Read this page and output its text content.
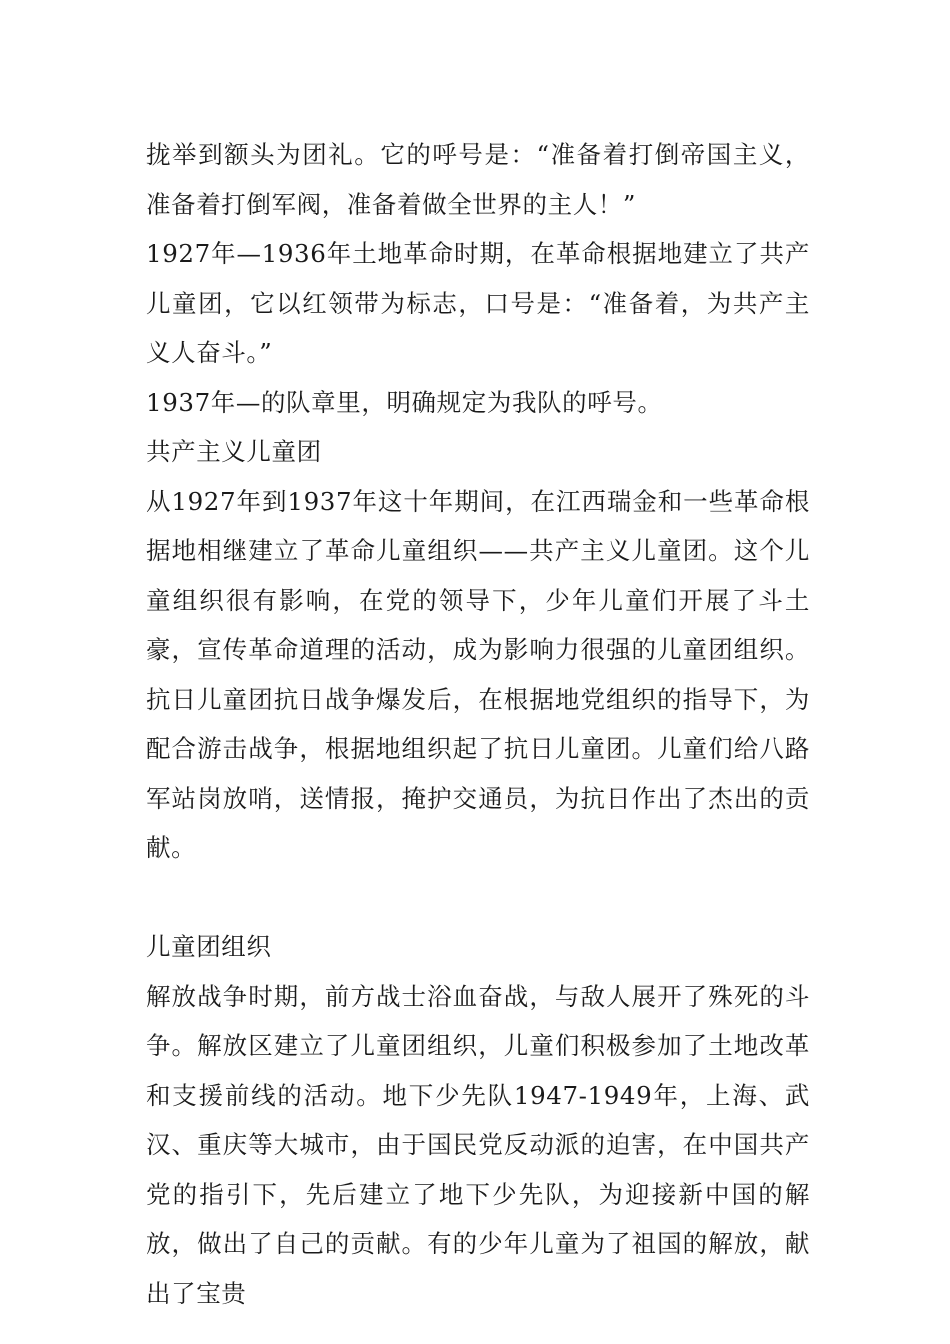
拢举到额头为团礼。它的呼号是：“准备着打倒帝国主义，准备着打倒军阀，准备着做全世界的主人！”

1927年—1936年土地革命时期，在革命根据地建立了共产儿童团，它以红领带为标志，口号是：“准备着，为共产主义人奋斗。”

1937年—的队章里，明确规定为我队的呼号。

共产主义儿童团

从1927年到1937年这十年期间，在江西瑞金和一些革命根据地相继建立了革命儿童组织——共产主义儿童团。这个儿童组织很有影响，在党的领导下，少年儿童们开展了斗土豪，宣传革命道理的活动，成为影响力很强的儿童团组织。抗日儿童团抗日战争爆发后，在根据地党组织的指导下，为配合游击战争，根据地组织起了抗日儿童团。儿童们给八路军站岗放哨，送情报，掩护交通员，为抗日作出了杰出的贡献。

儿童团组织

解放战争时期，前方战士浴血奋战，与敌人展开了殊死的斗争。解放区建立了儿童团组织，儿童们积极参加了土地改革和支援前线的活动。地下少先队1947-1949年，上海、武汉、重庆等大城市，由于国民党反动派的迫害，在中国共产党的指引下，先后建立了地下少先队，为迎接新中国的解放，做出了自己的贡献。有的少年儿童为了祖国的解放，献出了宝贵
